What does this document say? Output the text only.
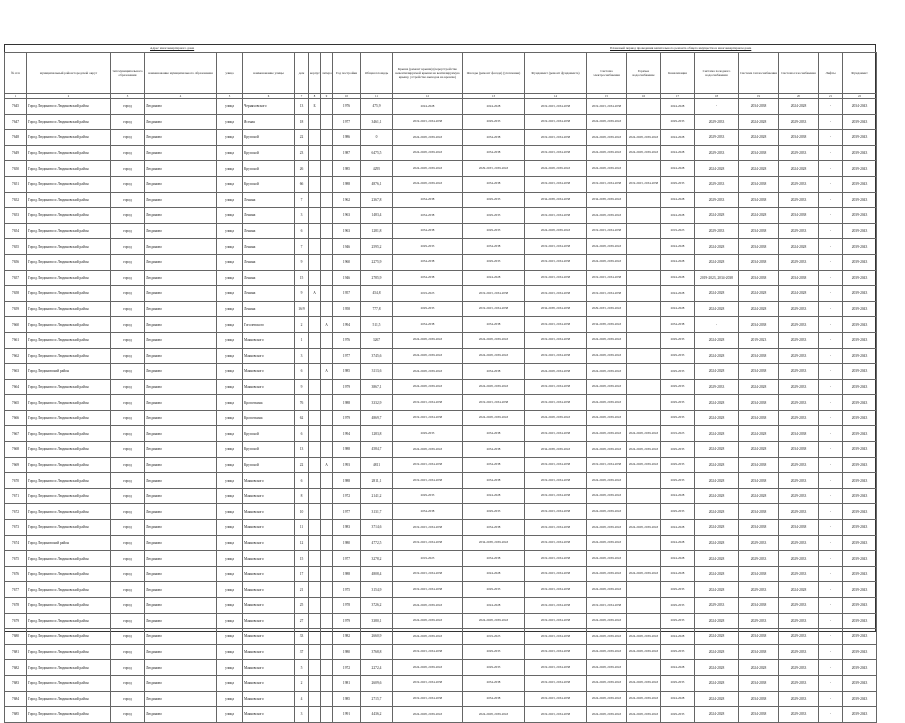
Адрес многоквартирного дома	Плановый период проведения капитального ремонта общего имущества в многоквартирном доме
№ п/п	муниципальный район/городской округ	тип муниципального образования	наименование муниципального образования	улица	наименование улицы	дом	корпус	литера	Год постройки	Общая площадь	Крыша (ремонт крыши) (переустройство невентилируемой крыши на вентилируемую крышу, устройство выходов на кровлю)	Фасады (ремонт фасада) (утепление)	Фундамент (ремонт фундамента)	Система электроснабжения	Горячее водоснабжение	Канализация	Система холодного водоснабжения	Система теплоснабжения	Система газоснабжения	Лифты	Фундамент
1	2	3	4	5	6	7	8	9	10	11	12	13	14	15	16	17	18	19	20	21	22
7645	Город Людиново и Людиновский район	город	Людиново	улица	Черняховского	13	Б		1976	475,9	2024-2028	2024-2028	2019-2023, 2034-2038	2019-2023, 2034-2038		2024-2028	-	2034-2038	2024-2028	-	2034-2043
7647	Город Людиново и Людиновский район	город	Людиново	улица	Ясеная	18			1977	3461,1	2019-2023, 2034-2038	2029-2033	2019-2023, 2034-2038	2024-2028, 2039-2043		2029-2033	2029-2033	2024-2028	2029-2033	-	2039-2043
7648	Город Людиново и Людиновский район	город	Людиново	улица	Крупской	22			1986	0	2024-2028, 2039-2043	2034-2038	2019-2023, 2034-2038	2024-2028, 2039-2043	2024-2028, 2039-2043	2024-2028	2029-2033	2024-2028	2034-2038	-	2039-2043
7649	Город Людиново и Людиновский район	город	Людиново	улица	Крупской	23			1987	6475,5	2024-2028, 2039-2043	2034-2038	2019-2023, 2034-2038	2024-2028, 2039-2043	2024-2028, 2039-2043	2024-2028	2029-2033	2034-2038	2029-2033	-	2039-2043
7650	Город Людиново и Людиновский район	город	Людиново	улица	Крупской	26			1985	4295	2024-2028, 2039-2043	2029-2033, 2039-2043	2024-2028, 2039-2043	2024-2028, 2039-2043		2024-2028	2024-2028	2024-2028	2024-2028	-	2039-2043
7651	Город Людиново и Людиновский район	город	Людиново	улица	Крупской	66			1988	4876,1	2024-2028, 2039-2043	2034-2038	2019-2023, 2034-2038	2019-2023, 2034-2038	2019-2023, 2034-2038	2029-2033	2029-2033	2034-2038	2029-2033	-	2039-2043
7652	Город Людиново и Людиновский район	город	Людиново	улица	Ленина	7			1962	2367,8	2034-2038	2029-2033	2034-2038, 2034-2038	2034-2038, 2039-2043		2024-2028	2029-2033	2034-2038	2029-2033	-	2039-2043
7653	Город Людиново и Людиновский район	город	Людиново	улица	Ленина	3			1963	1483,4	2034-2038	2029-2033	2019-2023, 2034-2038	2024-2028, 2039-2043		2024-2028	2024-2028	2024-2028	2034-2038	-	2039-2043
7654	Город Людиново и Людиновский район	город	Людиново	улица	Ленина	6			1963	1281,8	2034-2038	2029-2033	2024-2028, 2039-2043	2019-2023, 2034-2038		2019-2023	2029-2033	2034-2038	2029-2033	-	2039-2043
7655	Город Людиново и Людиновский район	город	Людиново	улица	Ленина	7			1946	2595,2	2029-2033	2034-2038	2019-2023, 2034-2038	2024-2028, 2039-2043		2024-2028	2024-2028	2034-2038	2024-2028	-	2039-2043
7656	Город Людиново и Людиновский район	город	Людиново	улица	Ленина	9			1960	2275,9	2034-2038	2029-2033	2019-2023, 2034-2038	2024-2028, 2039-2043		2024-2028	2024-2028	2034-2038	2029-2033	-	2039-2043
7657	Город Людиново и Людиновский район	город	Людиново	улица	Ленина	15			1946	2785,9	2034-2038	2024-2028	2019-2023, 2034-2038	2019-2023, 2034-2038		2024-2028	2019-2023, 2034-2038	2034-2038	2034-2038	-	2039-2043
7658	Город Людиново и Людиновский район	город	Людиново	улица	Ленина	9	А		1957	454,8	2019-2023	2019-2023, 2034-2038	2019-2023, 2034-2038	2019-2023, 2034-2038		2024-2028	2024-2028	2024-2028	2024-2028	-	2039-2043
7659	Город Людиново и Людиновский район	город	Людиново	улица	Ленина	16/9			1958	777,8	2029-2033	2019-2023, 2034-2038	2034-2038, 2034-2038	2029-2033, 2039-2043		2024-2028	2024-2028	2024-2028	2029-2033	-	2039-2043
7660	Город Людиново и Людиновский район	город	Людиново	улица	Гоголевского	2		А	1994	511,5	2034-2038	2034-2038	2019-2023, 2034-2038	2034-2038, 2039-2043		2034-2038	-	2034-2038	2029-2033	-	2039-2043
7661	Город Людиново и Людиновский район	город	Людиново	улица	Маяковского	1			1976	3267	2024-2028, 2039-2043	2024-2028, 2039-2043	2019-2023, 2034-2038	2024-2028, 2039-2043		2029-2033	2024-2028	2019-2023	2029-2033	-	2039-2043
7662	Город Людиново и Людиновский район	город	Людиново	улица	Маяковского	3			1977	3745,6	2024-2028, 2039-2043	2024-2028, 2039-2043	2019-2023, 2034-2038	2024-2028, 2039-2043		2029-2033	2024-2028	2034-2038	2029-2033	-	2039-2043
7663	Город Людиновский район	город	Людиново	улица	Маяковского	6		А	1985	3113,6	2024-2028, 2039-2043	2034-2038	2024-2028, 2034-2038	2024-2028, 2039-2043		2029-2033	2024-2028	2034-2038	2029-2033	-	2039-2043
7664	Город Людиново и Людиновский район	город	Людиново	улица	Маяковского	9			1979	3867,1	2024-2028, 2039-2043	2024-2028, 2039-2043	2019-2023, 2034-2038	2024-2028, 2039-2043		2029-2033	2029-2033	2024-2028	2029-2033	-	2039-2043
7665	Город Людиново и Людиновский район	город	Людиново	улица	Кропоткина	76			1988	3332,9	2019-2023, 2034-2038	2019-2023, 2034-2038	2019-2023, 2034-2038	2024-2028, 2039-2043		2029-2033	2024-2028	2034-2038	2029-2033	-	2039-2043
7666	Город Людиново и Людиновский район	город	Людиново	улица	Кропоткина	62			1979	4869,7	2019-2023, 2034-2038	2024-2028, 2039-2043	2024-2028, 2039-2043	2024-2028, 2039-2043		2029-2033	2024-2028	2034-2038	2029-2033	-	2039-2043
7667	Город Людиново и Людиновский район	город	Людиново	улица	Крупской	6			1994	1283,8	2029-2033	2034-2038	2019-2023, 2034-2038	2024-2028, 2039-2043	2024-2028, 2039-2043	2019-2023	2024-2028	2024-2028	2034-2038	-	2039-2043
7668	Город Людиново и Людиновский район	город	Людиново	улица	Крупской	13			1988	4584,7	2024-2028, 2039-2043	2034-2038	2034-2038, 2039-2043	2024-2028, 2039-2043	2024-2028, 2039-2043	2029-2033	2024-2028	2024-2028	2034-2038	-	2039-2043
7669	Город Людиново и Людиновский район	город	Людиново	улица	Крупской	22		А	1993	4811	2019-2023, 2034-2038	2034-2038	2019-2023, 2034-2038	2019-2023, 2034-2038	2024-2028, 2039-2043	2029-2033	2024-2028	2034-2038	2029-2033	-	2039-2043
7670	Город Людиново и Людиновский район	город	Людиново	улица	Маяковского	6			1988	2811,1	2019-2023, 2034-2038	2034-2038	2019-2023, 2034-2038	2024-2028, 2039-2043		2029-2033	2024-2028	2034-2038	2029-2033	-	2039-2043
7671	Город Людиново и Людиновский район	город	Людиново	улица	Маяковского	8			1972	2141,2	2029-2033	2024-2028	2019-2023, 2034-2038	2024-2028, 2039-2043		2024-2028	2024-2028	2024-2028	2029-2033	-	2039-2043
7672	Город Людиново и Людиновский район	город	Людиново	улица	Маяковского	10			1977	3131,7	2034-2038	2029-2033	2019-2023, 2034-2038	2024-2028, 2039-2043		2029-2033	2024-2028	2034-2038	2029-2033	-	2039-2043
7673	Город Людиново и Людиновский район	город	Людиново	улица	Маяковского	11			1983	3714,6	2019-2023, 2034-2038	2034-2038	2019-2023, 2034-2038	2024-2028, 2039-2043	2024-2028, 2039-2043	2024-2028	2024-2028	2034-2038	2034-2038	-	2039-2043
7674	Город Людиновский район	город	Людиново	улица	Маяковского	12			1980	4772,5	2019-2023, 2034-2038	2034-2038, 2039-2043	2019-2023, 2034-2038	2024-2028, 2039-2043		2024-2028	2024-2028	2029-2033	2029-2033	-	2039-2043
7675	Город Людиново и Людиновский район	город	Людиново	улица	Маяковского	15			1977	3278,2	2019-2023	2034-2038	2019-2023, 2034-2038	2024-2028, 2039-2043		2024-2028	2024-2028	2029-2033	2029-2033	-	2039-2043
7676	Город Людиново и Людиновский район	город	Людиново	улица	Маяковского	17			1988	4808,4	2019-2023, 2034-2038	2024-2028	2019-2023, 2034-2038	2024-2028, 2039-2043	2024-2028, 2039-2043	2024-2028	2024-2028	2034-2038	2029-2033	-	2039-2043
7677	Город Людиново и Людиновский район	город	Людиново	улица	Маяковского	21			1975	3154,9	2019-2023, 2034-2038	2029-2033	2019-2023, 2034-2038	2024-2028, 2039-2043		2029-2033	2024-2028	2029-2033	2024-2028	-	2039-2043
7678	Город Людиново и Людиновский район	город	Людиново	улица	Маяковского	25			1978	3726,2	2024-2028, 2039-2043	2024-2028	2019-2023, 2034-2038	2019-2023, 2034-2038		2029-2033	2029-2033	2034-2038	2029-2033	-	2039-2043
7679	Город Людиново и Людиновский район	город	Людиново	улица	Маяковского	27			1979	3380,1	2024-2028, 2039-2043	2024-2028, 2039-2043	2019-2023, 2034-2038	2024-2028, 2039-2043		2029-2033	2024-2028	2029-2033	2029-2033	-	2039-2043
7680	Город Людиново и Людиновский район	город	Людиново	улица	Маяковского	33			1982	2660,9	2024-2028, 2039-2043	2019-2023	2019-2023, 2034-2038	2024-2028, 2039-2043	2024-2028, 2039-2043	2024-2028	2024-2028	2034-2038	2029-2033	-	2039-2043
7681	Город Людиново и Людиновский район	город	Людиново	улица	Маяковского	37			1980	3768,8	2019-2023, 2034-2038	2029-2033	2019-2023, 2034-2038	2024-2028, 2039-2043	2024-2028, 2039-2043	2029-2033	2024-2028	2034-2038	2029-2033	-	2039-2043
7682	Город Людиново и Людиновский район	город	Людиново	улица	Маяковского	5			1972	2272,4	2024-2028, 2039-2043	2029-2033	2019-2023, 2034-2038	2024-2028, 2039-2043		2024-2028	2024-2028	2024-2028	2029-2033	-	2039-2043
7683	Город Людиново и Людиновский район	город	Людиново	улица	Маяковского	2			1981	2609,6	2019-2023, 2034-2038	2034-2038	2019-2023, 2034-2038	2024-2028, 2039-2043	2024-2028, 2039-2043	2029-2033	2024-2028	2034-2038	2029-2033	-	2039-2043
7684	Город Людиново и Людиновский район	город	Людиново	улица	Маяковского	4			1985	2715,7	2019-2023, 2034-2038	2034-2038	2019-2023, 2034-2038	2024-2028, 2039-2043	2024-2028, 2039-2043	2024-2028	2024-2028	2034-2038	2029-2033	-	2039-2043
7685	Город Людиново и Людиновский район	город	Людиново	улица	Маяковского	3			1991	4436,2	2024-2028, 2039-2043	2024-2028, 2039-2043	2019-2023, 2034-2038	2024-2028, 2039-2043	2024-2028, 2039-2043	2029-2033	2024-2028	2034-2038	2029-2033	-	2039-2043
